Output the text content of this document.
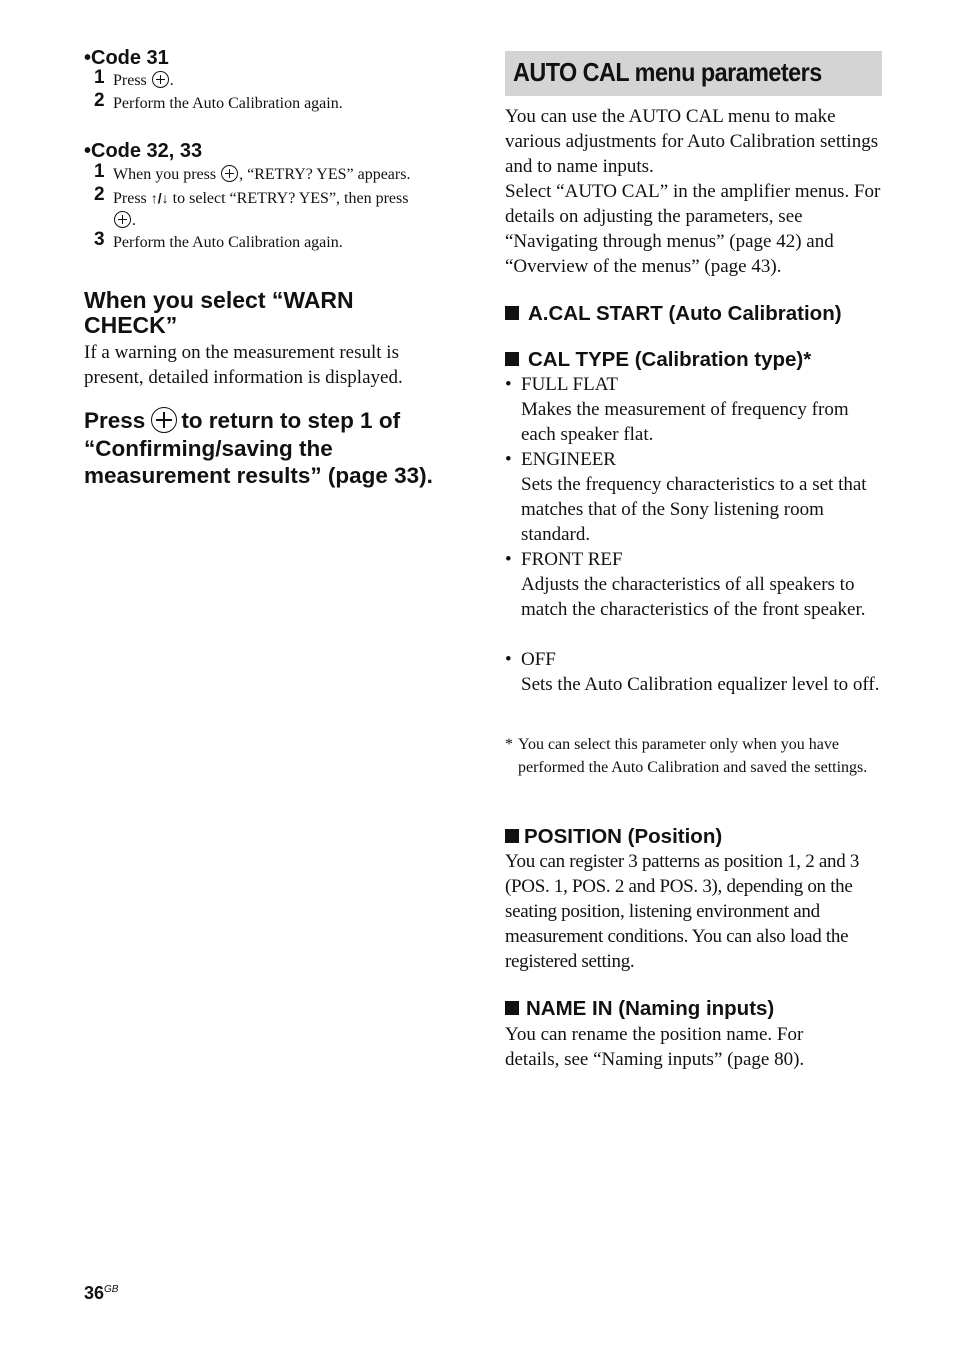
•Code 31
1 Press .
2 Perform the Auto Calibration again.
•Code 32, 33
1 When you press , “RETRY? YES” appears.
2 Press ↑/↓ to select “RETRY? YES”, then press
.
3 Perform the Auto Calibration again.
When you select “WARN
CHECK”
If a warning on the measurement result is present, detailed information is displayed.
Press to return to step 1 of
“Confirming/saving the
measurement results” (page 33).
AUTO CAL menu parameters
You can use the AUTO CAL menu to make various adjustments for Auto Calibration settings and to name inputs.
Select “AUTO CAL” in the amplifier menus. For details on adjusting the parameters, see “Navigating through menus” (page 42) and “Overview of the menus” (page 43).
A.CAL START (Auto Calibration)
CAL TYPE (Calibration type)*
• FULL FLAT
Makes the measurement of frequency from each speaker flat.
• ENGINEER
Sets the frequency characteristics to a set that matches that of the Sony listening room standard.
• FRONT REF
Adjusts the characteristics of all speakers to match the characteristics of the front speaker.
• OFF
Sets the Auto Calibration equalizer level to off.
* You can select this parameter only when you have performed the Auto Calibration and saved the settings.
POSITION (Position)
You can register 3 patterns as position 1, 2 and 3 (POS. 1, POS. 2 and POS. 3), depending on the seating position, listening environment and measurement conditions. You can also load the registered setting.
NAME IN (Naming inputs)
You can rename the position name. For details, see “Naming inputs” (page 80).
$36^{GB}$
